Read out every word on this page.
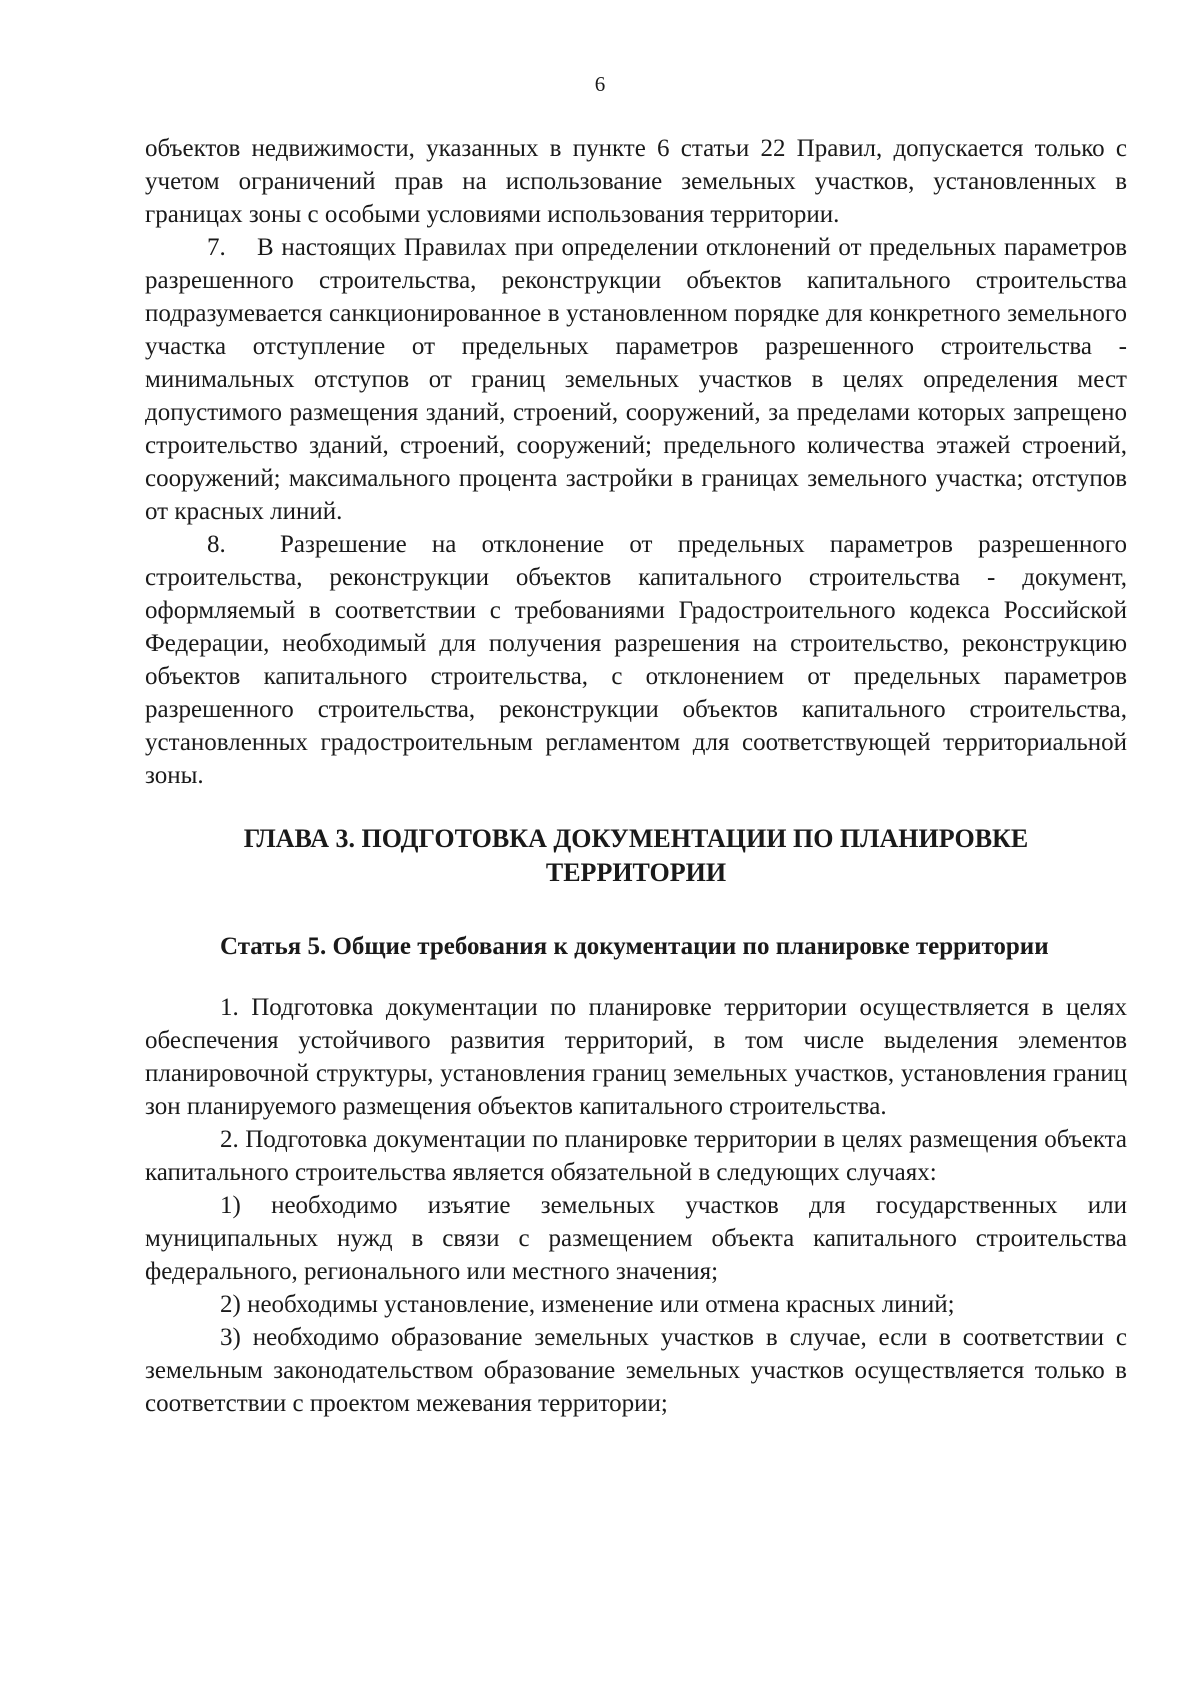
6

объектов недвижимости, указанных в пункте 6 статьи 22 Правил, допускается только с учетом ограничений прав на использование земельных участков, установленных в границах зоны с особыми условиями использования территории.

7. В настоящих Правилах при определении отклонений от предельных параметров разрешенного строительства, реконструкции объектов капитального строительства подразумевается санкционированное в установленном порядке для конкретного земельного участка отступление от предельных параметров разрешенного строительства - минимальных отступов от границ земельных участков в целях определения мест допустимого размещения зданий, строений, сооружений, за пределами которых запрещено строительство зданий, строений, сооружений; предельного количества этажей строений, сооружений; максимального процента застройки в границах земельного участка; отступов от красных линий.

8. Разрешение на отклонение от предельных параметров разрешенного строительства, реконструкции объектов капитального строительства - документ, оформляемый в соответствии с требованиями Градостроительного кодекса Российской Федерации, необходимый для получения разрешения на строительство, реконструкцию объектов капитального строительства, с отклонением от предельных параметров разрешенного строительства, реконструкции объектов капитального строительства, установленных градостроительным регламентом для соответствующей территориальной зоны.

ГЛАВА 3. ПОДГОТОВКА ДОКУМЕНТАЦИИ ПО ПЛАНИРОВКЕ
ТЕРРИТОРИИ

Статья 5. Общие требования к документации по планировке территории

1. Подготовка документации по планировке территории осуществляется в целях обеспечения устойчивого развития территорий, в том числе выделения элементов планировочной структуры, установления границ земельных участков, установления границ зон планируемого размещения объектов капитального строительства.

2. Подготовка документации по планировке территории в целях размещения объекта капитального строительства является обязательной в следующих случаях:

1) необходимо изъятие земельных участков для государственных или муниципальных нужд в связи с размещением объекта капитального строительства федерального, регионального или местного значения;

2) необходимы установление, изменение или отмена красных линий;

3) необходимо образование земельных участков в случае, если в соответствии с земельным законодательством образование земельных участков осуществляется только в соответствии с проектом межевания территории;
